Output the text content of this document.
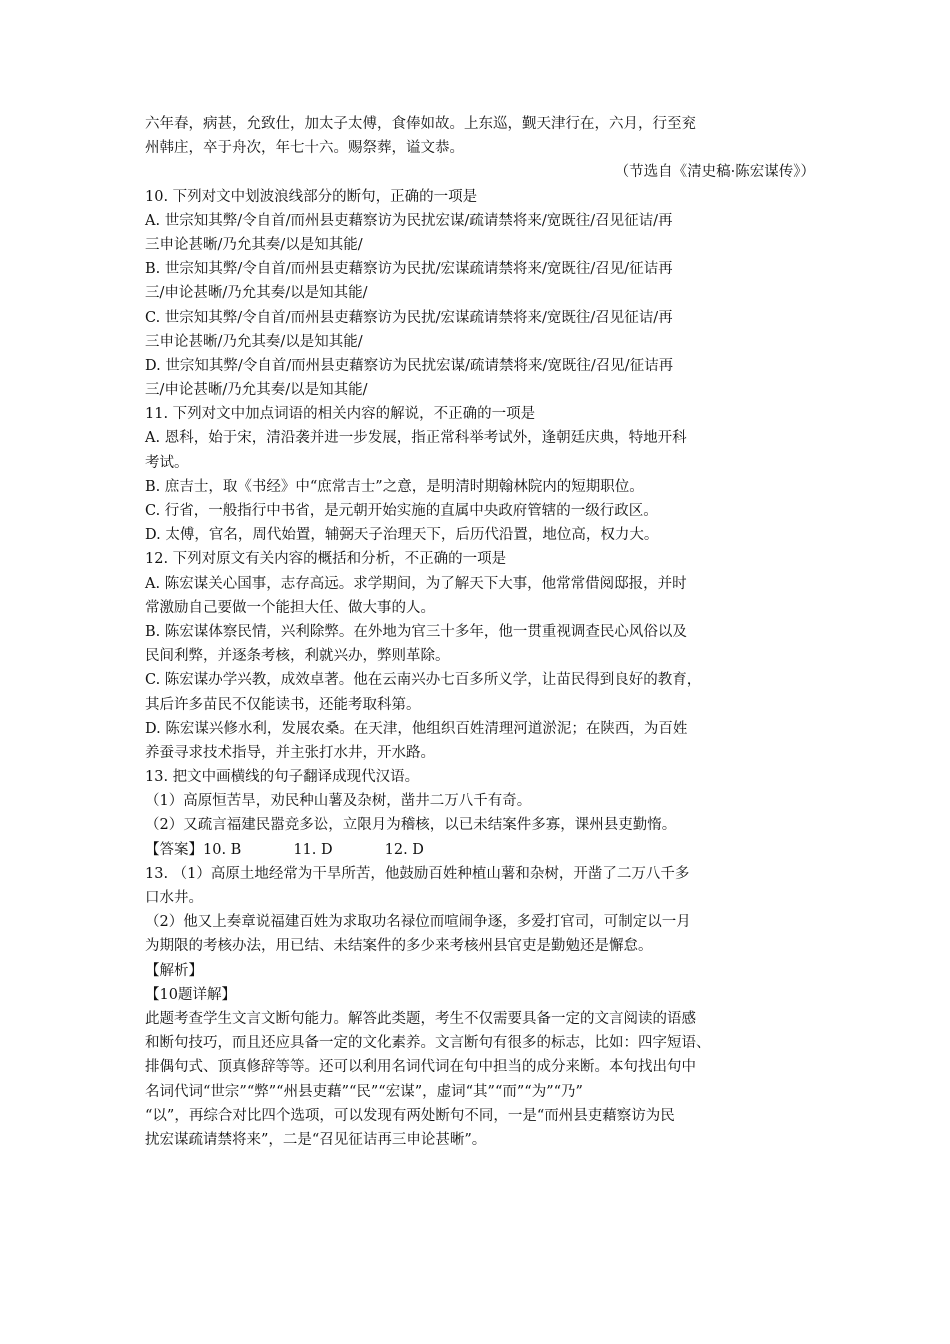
六年春，病甚，允致仕，加太子太傅，食俸如故。上东巡，觐天津行在，六月，行至兖
州韩庄，卒于舟次，年七十六。赐祭葬，谥文恭。
（节选自《清史稿·陈宏谋传》）
10. 下列对文中划波浪线部分的断句，正确的一项是
A. 世宗知其弊/令自首/而州县吏藉察访为民扰宏谋/疏请禁将来/宽既往/召见征诘/再
三申论甚晰/乃允其奏/以是知其能/
B. 世宗知其弊/令自首/而州县吏藉察访为民扰/宏谋疏请禁将来/宽既往/召见/征诘再
三/申论甚晰/乃允其奏/以是知其能/
C. 世宗知其弊/令自首/而州县吏藉察访为民扰/宏谋疏请禁将来/宽既往/召见征诘/再
三申论甚晰/乃允其奏/以是知其能/
D. 世宗知其弊/令自首/而州县吏藉察访为民扰宏谋/疏请禁将来/宽既往/召见/征诘再
三/申论甚晰/乃允其奏/以是知其能/
11. 下列对文中加点词语的相关内容的解说，不正确的一项是
A. 恩科，始于宋，清沿袭并进一步发展，指正常科举考试外，逢朝廷庆典，特地开科
考试。
B. 庶吉士，取《书经》中“庶常吉士”之意，是明清时期翰林院内的短期职位。
C. 行省，一般指行中书省，是元朝开始实施的直属中央政府管辖的一级行政区。
D. 太傅，官名，周代始置，辅弼天子治理天下，后历代沿置，地位高，权力大。
12. 下列对原文有关内容的概括和分析，不正确的一项是
A. 陈宏谋关心国事，志存高远。求学期间，为了解天下大事，他常常借阅邸报，并时
常激励自己要做一个能担大任、做大事的人。
B. 陈宏谋体察民情，兴利除弊。在外地为官三十多年，他一贯重视调查民心风俗以及
民间利弊，并逐条考核，利就兴办，弊则革除。
C. 陈宏谋办学兴教，成效卓著。他在云南兴办七百多所义学，让苗民得到良好的教育，
其后许多苗民不仅能读书，还能考取科第。
D. 陈宏谋兴修水利，发展农桑。在天津，他组织百姓清理河道淤泥；在陕西，为百姓
养蚕寻求技术指导，并主张打水井，开水路。
13. 把文中画横线的句子翻译成现代汉语。
（1）高原恒苦旱，劝民种山薯及杂树，凿井二万八千有奇。
（2）又疏言福建民嚣竞多讼，立限月为稽核，以已未结案件多寡，课州县吏勤惰。
【答案】10. B	11. D	12. D
13. （1）高原土地经常为干旱所苦，他鼓励百姓种植山薯和杂树，开凿了二万八千多
口水井。
（2）他又上奏章说福建百姓为求取功名禄位而喧闹争逐，多爱打官司，可制定以一月
为期限的考核办法，用已结、未结案件的多少来考核州县官吏是勤勉还是懈怠。
【解析】
【10题详解】
此题考查学生文言文断句能力。解答此类题，考生不仅需要具备一定的文言阅读的语感
和断句技巧，而且还应具备一定的文化素养。文言断句有很多的标志，比如：四字短语、
排偶句式、顶真修辞等等。还可以利用名词代词在句中担当的成分来断。本句找出句中
名词代词“世宗”“弊”“州县吏藉”“民”“宏谋”，虚词“其”“而”“为”“乃”
“以”，再综合对比四个选项，可以发现有两处断句不同，一是“而州县吏藉察访为民
扰宏谋疏请禁将来”，二是“召见征诘再三申论甚晰”。
